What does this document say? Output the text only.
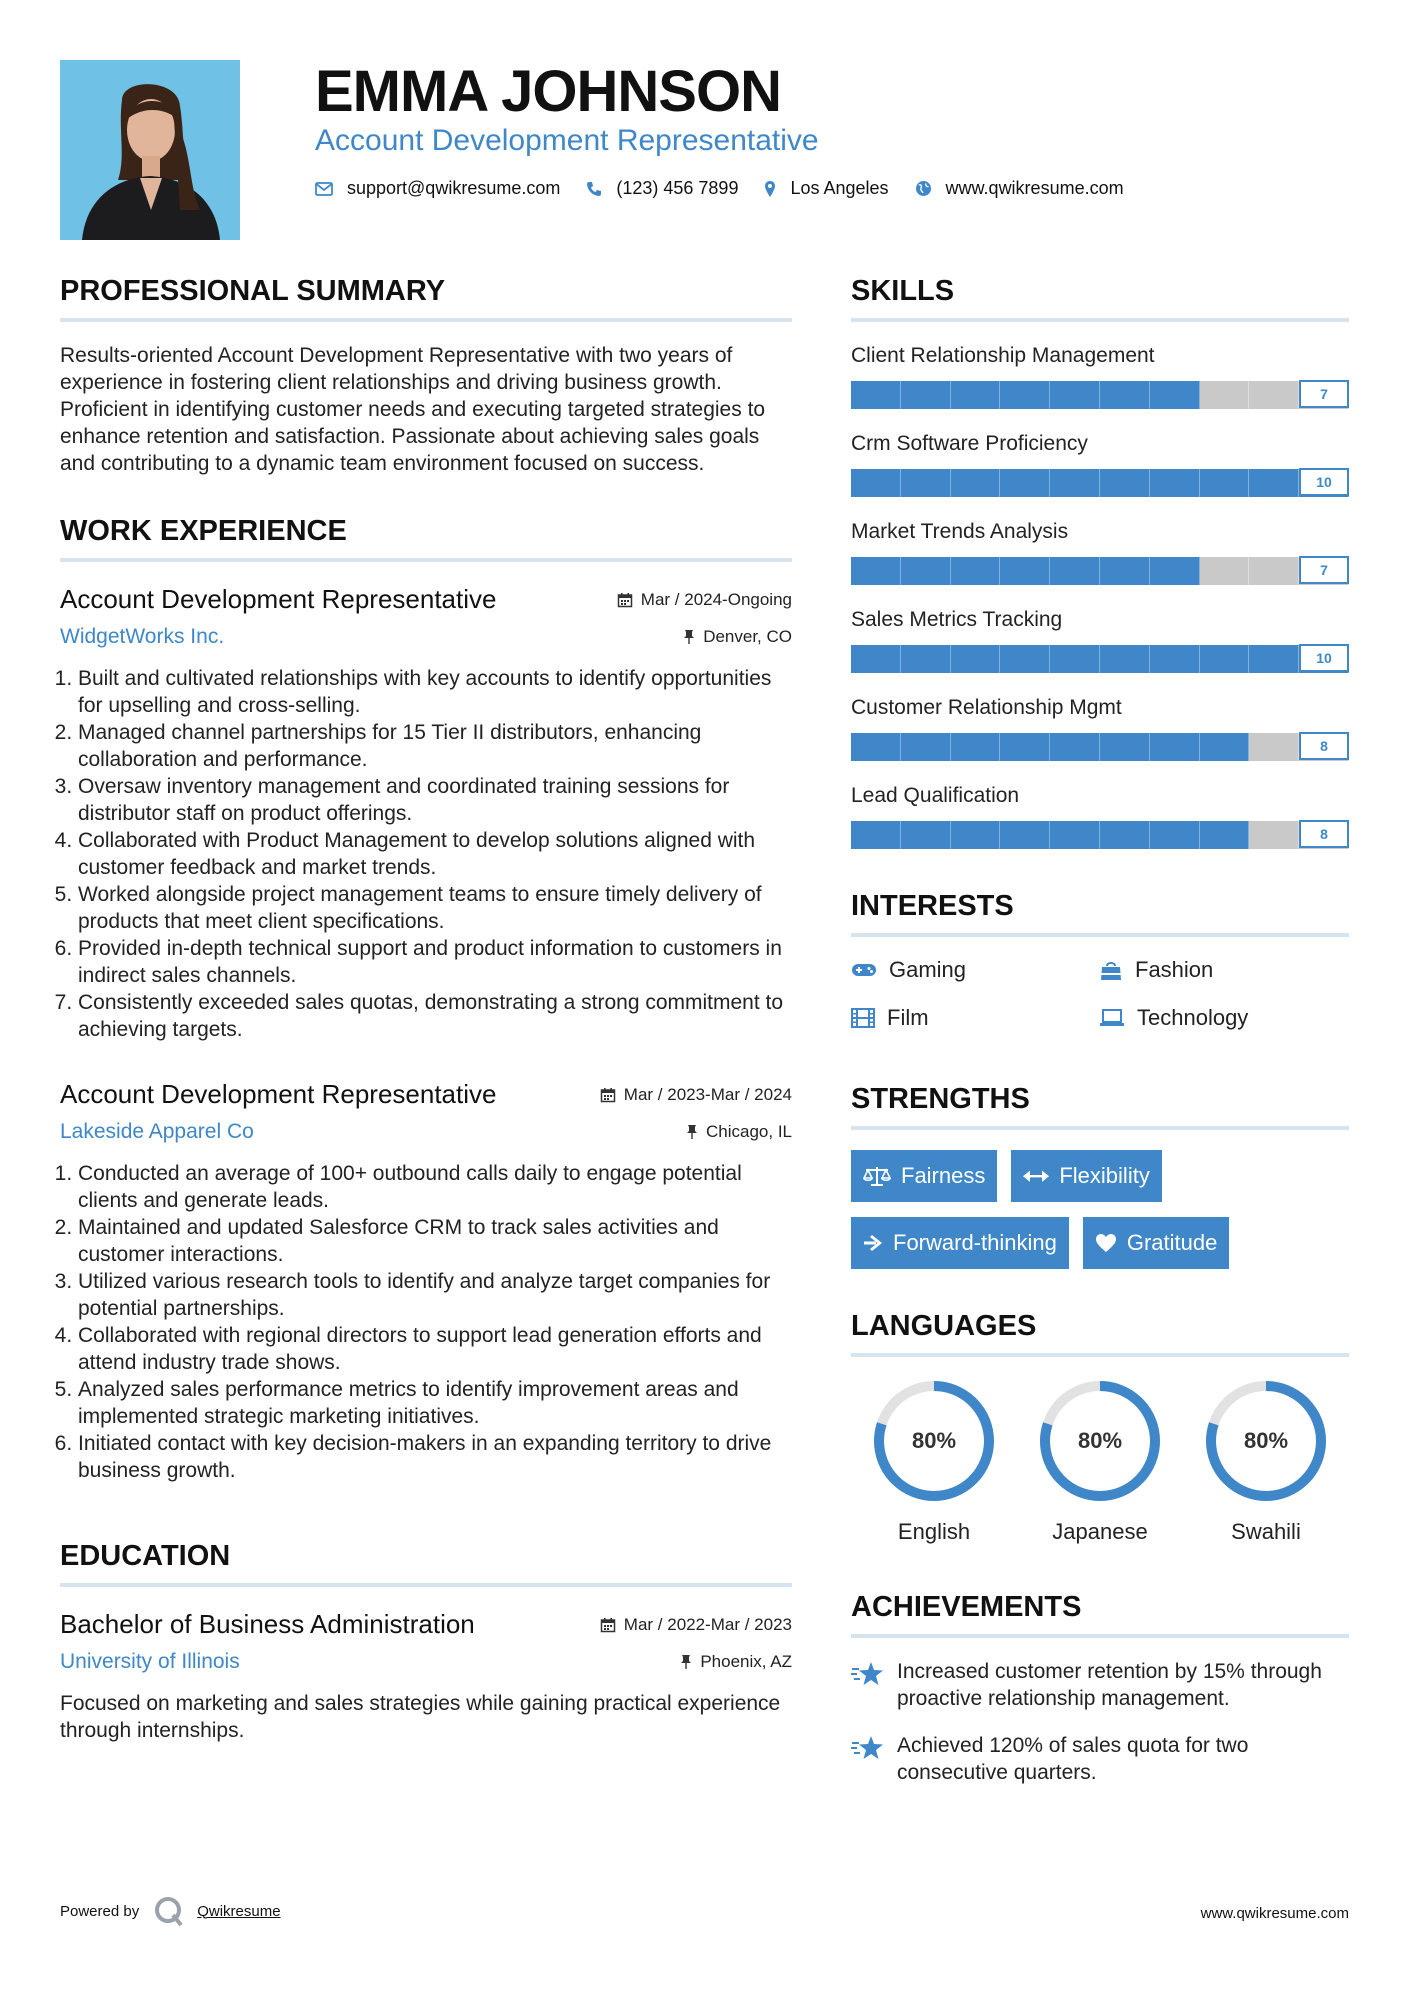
EMMA JOHNSON
Account Development Representative
support@qwikresume.com	(123) 456 7899	Los Angeles	www.qwikresume.com
PROFESSIONAL SUMMARY

Results-oriented Account Development Representative with two years of experience in fostering client relationships and driving business growth. Proficient in identifying customer needs and executing targeted strategies to enhance retention and satisfaction. Passionate about achieving sales goals and contributing to a dynamic team environment focused on success.

WORK EXPERIENCE
Account Development Representative	Mar / 2024-Ongoing
WidgetWorks Inc.	Denver, CO
1. Built and cultivated relationships with key accounts to identify opportunities for upselling and cross-selling.
2. Managed channel partnerships for 15 Tier II distributors, enhancing collaboration and performance.
3. Oversaw inventory management and coordinated training sessions for distributor staff on product offerings.
4. Collaborated with Product Management to develop solutions aligned with customer feedback and market trends.
5. Worked alongside project management teams to ensure timely delivery of products that meet client specifications.
6. Provided in-depth technical support and product information to customers in indirect sales channels.
7. Consistently exceeded sales quotas, demonstrating a strong commitment to achieving targets.
Account Development Representative	Mar / 2023-Mar / 2024
Lakeside Apparel Co	Chicago, IL
1. Conducted an average of 100+ outbound calls daily to engage potential clients and generate leads.
2. Maintained and updated Salesforce CRM to track sales activities and customer interactions.
3. Utilized various research tools to identify and analyze target companies for potential partnerships.
4. Collaborated with regional directors to support lead generation efforts and attend industry trade shows.
5. Analyzed sales performance metrics to identify improvement areas and implemented strategic marketing initiatives.
6. Initiated contact with key decision-makers in an expanding territory to drive business growth.
EDUCATION
Bachelor of Business Administration	Mar / 2022-Mar / 2023
University of Illinois	Phoenix, AZ

Focused on marketing and sales strategies while gaining practical experience through internships.

SKILLS
Client Relationship Management
7
Crm Software Proficiency
10
Market Trends Analysis
7
Sales Metrics Tracking
10
Customer Relationship Mgmt
8
Lead Qualification
8
INTERESTS
Gaming	Fashion
Film	Technology
STRENGTHS
Fairness	Flexibility
Forward-thinking	Gratitude
LANGUAGES
80%
English
80%
Japanese
80%
Swahili
ACHIEVEMENTS
Increased customer retention by 15% through proactive relationship management.
Achieved 120% of sales quota for two consecutive quarters.
Powered by	Qwikresume	www.qwikresume.com
